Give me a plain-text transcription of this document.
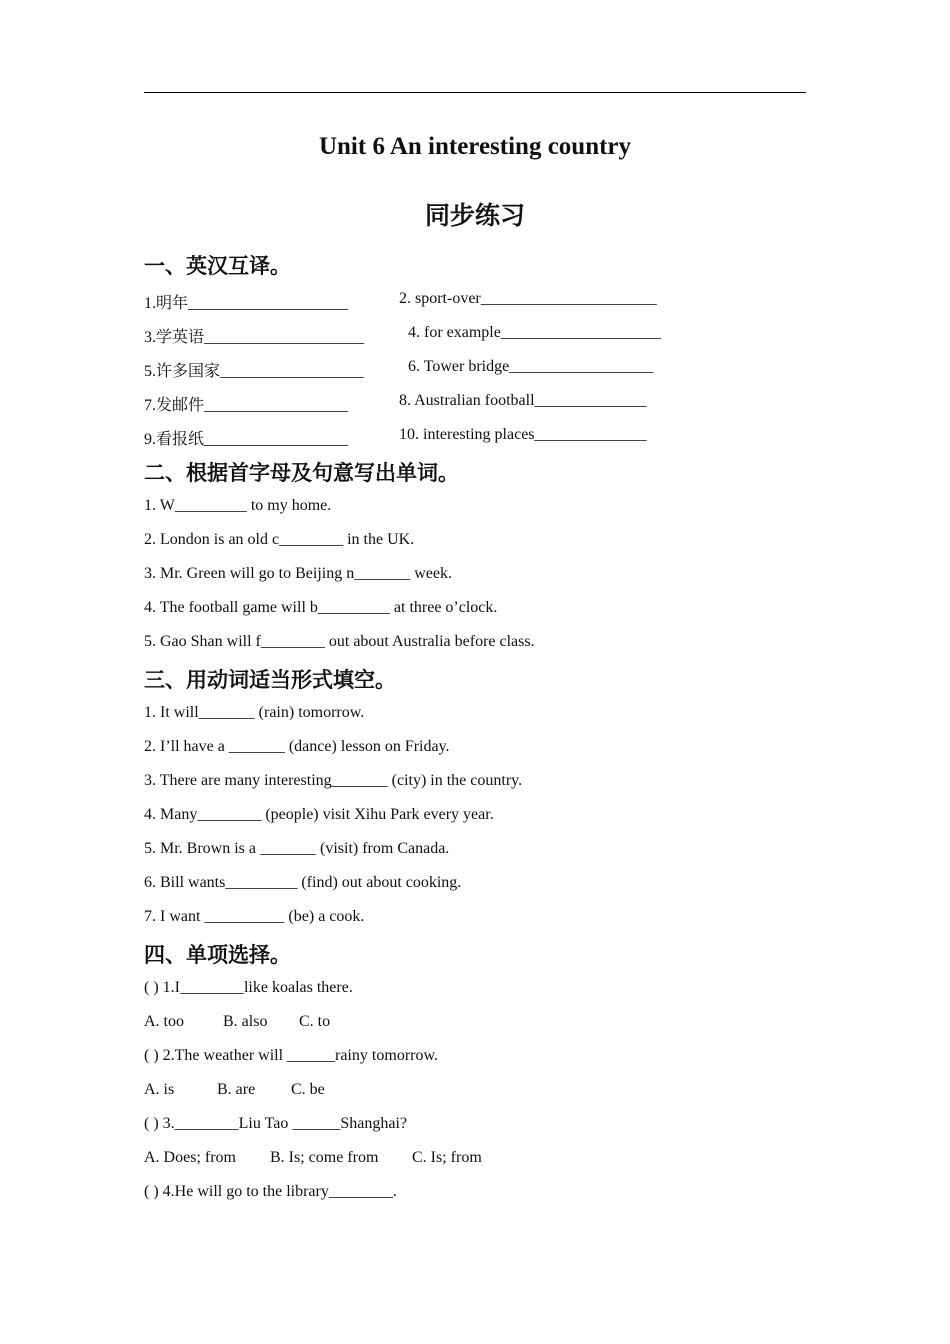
Unit 6 An interesting country
同步练习
一、英汉互译。
1.明年____________________	2. sport-over______________________
3.学英语____________________	4. for example____________________
5.许多国家__________________	6. Tower bridge__________________
7.发邮件__________________	8. Australian football______________
9.看报纸__________________	10. interesting places______________
二、根据首字母及句意写出单词。
1. W_________ to my home.
2. London is an old c________ in the UK.
3. Mr. Green will go to Beijing n_______ week.
4. The football game will b_________ at three o’clock.
5. Gao Shan will f________ out about Australia before class.
三、用动词适当形式填空。
1. It will_______ (rain) tomorrow.
2. I’ll have a _______ (dance) lesson on Friday.
3. There are many interesting_______ (city) in the country.
4. Many________ (people) visit Xihu Park every year.
5. Mr. Brown is a _______ (visit) from Canada.
6. Bill wants_________ (find) out about cooking.
7. I want __________ (be) a cook.
四、单项选择。
( ) 1.I________like koalas there.
A. too B. also C. to
( ) 2.The weather will ______rainy tomorrow.
A. is	B. are C. be
( ) 3.________Liu Tao ______Shanghai?
A. Does; from B. Is; come from C. Is; from
( ) 4.He will go to the library________.
